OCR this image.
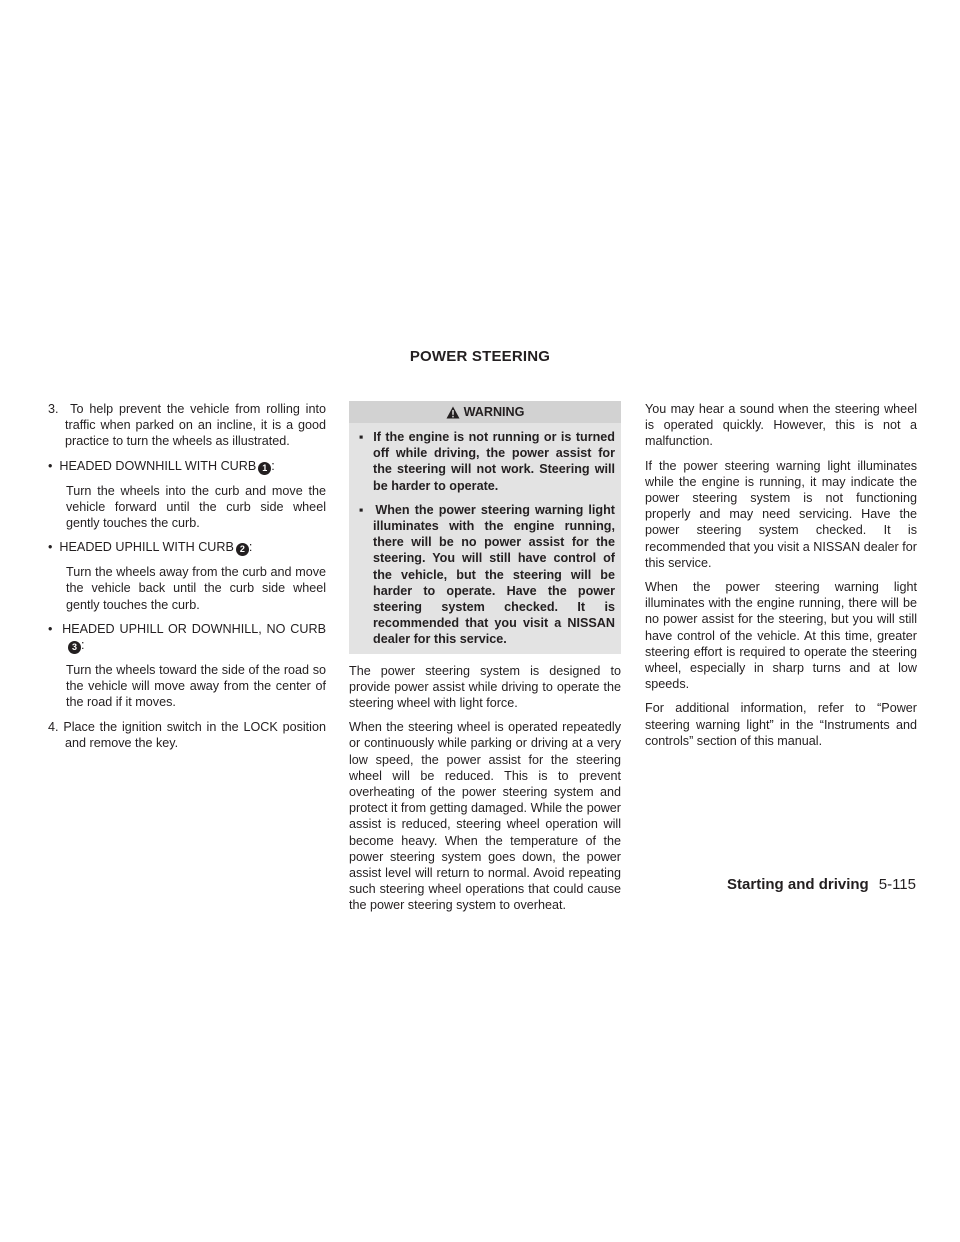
POWER STEERING

3.  To help prevent the vehicle from rolling into traffic when parked on an incline, it is a good practice to turn the wheels as illustrated.

•  HEADED DOWNHILL WITH CURB 1 :

Turn the wheels into the curb and move the vehicle forward until the curb side wheel gently touches the curb.

•  HEADED UPHILL WITH CURB 2 :

Turn the wheels away from the curb and move the vehicle back until the curb side wheel gently touches the curb.

•  HEADED UPHILL OR DOWNHILL, NO CURB3 :

Turn the wheels toward the side of the road so the vehicle will move away from the center of the road if it moves.

4. Place the ignition switch in the LOCK position and remove the key.

WARNING
▪  If the engine is not running or is turned off while driving, the power assist for the steering will not work. Steering will be harder to operate.
▪  When the power steering warning light illuminates with the engine running, there will be no power assist for the steering. You will still have control of the vehicle, but the steering will be harder to operate. Have the power steering system checked. It is recommended that you visit a NISSAN dealer for this service.

The power steering system is designed to provide power assist while driving to operate the steering wheel with light force.

When the steering wheel is operated repeatedly or continuously while parking or driving at a very low speed, the power assist for the steering wheel will be reduced. This is to prevent overheating of the power steering system and protect it from getting damaged. While the power assist is reduced, steering wheel operation will become heavy. When the temperature of the power steering system goes down, the power assist level will return to normal. Avoid repeating such steering wheel operations that could cause the power steering system to overheat.

You may hear a sound when the steering wheel is operated quickly. However, this is not a malfunction.

If the power steering warning light illuminates while the engine is running, it may indicate the power steering system is not functioning properly and may need servicing. Have the power steering system checked. It is recommended that you visit a NISSAN dealer for this service.

When the power steering warning light illuminates with the engine running, there will be no power assist for the steering, but you will still have control of the vehicle. At this time, greater steering effort is required to operate the steering wheel, especially in sharp turns and at low speeds.

For additional information, refer to “Power steering warning light” in the “Instruments and controls” section of this manual.

Starting and driving 5-115
